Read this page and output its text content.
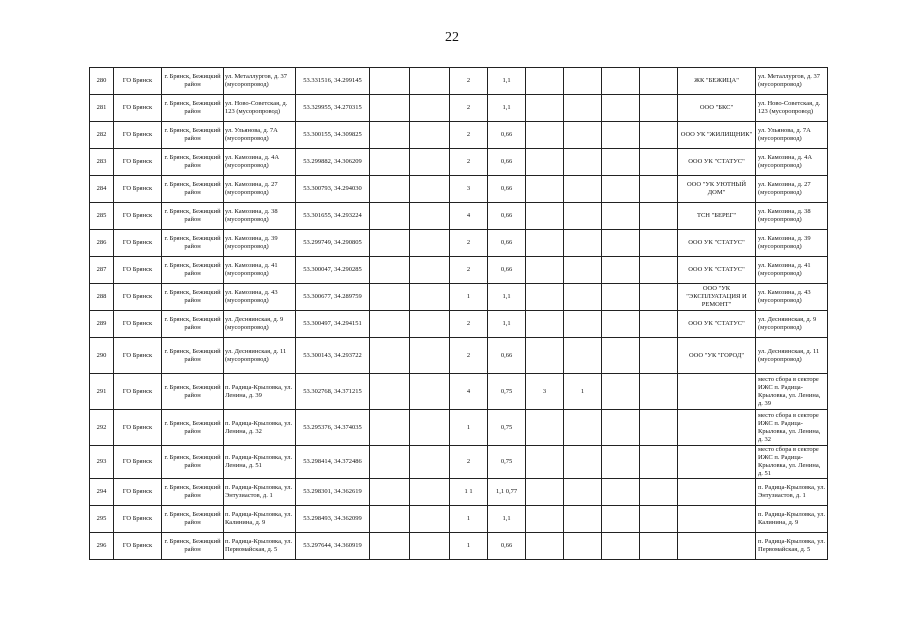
22
280	ГО Брянск	г. Брянск, Бежицкий район	ул. Металлургов, д. 37 (мусоропровод)	53.331516, 34.299145			2	1,1					ЖК "БЕЖИЦА"	ул. Металлургов, д. 37 (мусоропровод)
281	ГО Брянск	г. Брянск, Бежицкий район	ул. Ново-Советская, д. 123 (мусоропровод)	53.329955, 34.270315			2	1,1					ООО "БКС"	ул. Ново-Советская, д. 123 (мусоропровод)
282	ГО Брянск	г. Брянск, Бежицкий район	ул. Ульянова, д. 7А (мусоропровод)	53.300155, 34.309825			2	0,66					ООО УК "ЖИЛИЩНИК"	ул. Ульянова, д. 7А (мусоропровод)
283	ГО Брянск	г. Брянск, Бежицкий район	ул. Камозина, д. 4А (мусоропровод)	53.299882, 34.306209			2	0,66					ООО УК "СТАТУС"	ул. Камозина, д. 4А (мусоропровод)
284	ГО Брянск	г. Брянск, Бежицкий район	ул. Камозина, д. 27 (мусоропровод)	53.300793, 34.294030			3	0,66					ООО "УК УЮТНЫЙ ДОМ"	ул. Камозина, д. 27 (мусоропровод)
285	ГО Брянск	г. Брянск, Бежицкий район	ул. Камозина, д. 38 (мусоропровод)	53.301655, 34.293224			4	0,66					ТСН "БЕРЕГ"	ул. Камозина, д. 38 (мусоропровод)
286	ГО Брянск	г. Брянск, Бежицкий район	ул. Камозина, д. 39 (мусоропровод)	53.299749, 34.290805			2	0,66					ООО УК "СТАТУС"	ул. Камозина, д. 39 (мусоропровод)
287	ГО Брянск	г. Брянск, Бежицкий район	ул. Камозина, д. 41 (мусоропровод)	53.300047, 34.290285			2	0,66					ООО УК "СТАТУС"	ул. Камозина, д. 41 (мусоропровод)
288	ГО Брянск	г. Брянск, Бежицкий район	ул. Камозина, д. 43 (мусоропровод)	53.300677, 34.289759			1	1,1					ООО "УК "ЭКСПЛУАТАЦИЯ И РЕМОНТ"	ул. Камозина, д. 43 (мусоропровод)
289	ГО Брянск	г. Брянск, Бежицкий район	ул. Десняинская, д. 9 (мусоропровод)	53.300497, 34.294151			2	1,1					ООО УК "СТАТУС"	ул. Десняинская, д. 9 (мусоропровод)
290	ГО Брянск	г. Брянск, Бежицкий район	ул. Десняинская, д. 11 (мусоропровод)	53.300143, 34.293722			2	0,66					ООО "УК "ГОРОД"	ул. Десняинская, д. 11 (мусоропровод)
291	ГО Брянск	г. Брянск, Бежицкий район	п. Радица-Крыловка, ул. Ленина, д. 39	53.302768, 34.371215			4	0,75	3	1				место сбора в секторе ИЖС п. Радица-Крыловка, ул. Ленина, д. 39
292	ГО Брянск	г. Брянск, Бежицкий район	п. Радица-Крыловка, ул. Ленина, д. 32	53.295376, 34.374035			1	0,75						место сбора в секторе ИЖС п. Радица-Крыловка, ул. Ленина, д. 32
293	ГО Брянск	г. Брянск, Бежицкий район	п. Радица-Крыловка, ул. Ленина, д. 51	53.298414, 34.372486			2	0,75						место сбора в секторе ИЖС п. Радица-Крыловка, ул. Ленина, д. 51
294	ГО Брянск	г. Брянск, Бежицкий район	п. Радица-Крыловка, ул. Энтузиастов, д. 1	53.298301, 34.362619			1 1	1,1 0,77						п. Радица-Крыловка, ул. Энтузиастов, д. 1
295	ГО Брянск	г. Брянск, Бежицкий район	п. Радица-Крыловка, ул. Калинина, д. 9	53.298493, 34.362099			1	1,1						п. Радица-Крыловка, ул. Калинина, д. 9
296	ГО Брянск	г. Брянск, Бежицкий район	п. Радица-Крыловка, ул. Первомайская, д. 5	53.297644, 34.360919			1	0,66						п. Радица-Крыловка, ул. Первомайская, д. 5
